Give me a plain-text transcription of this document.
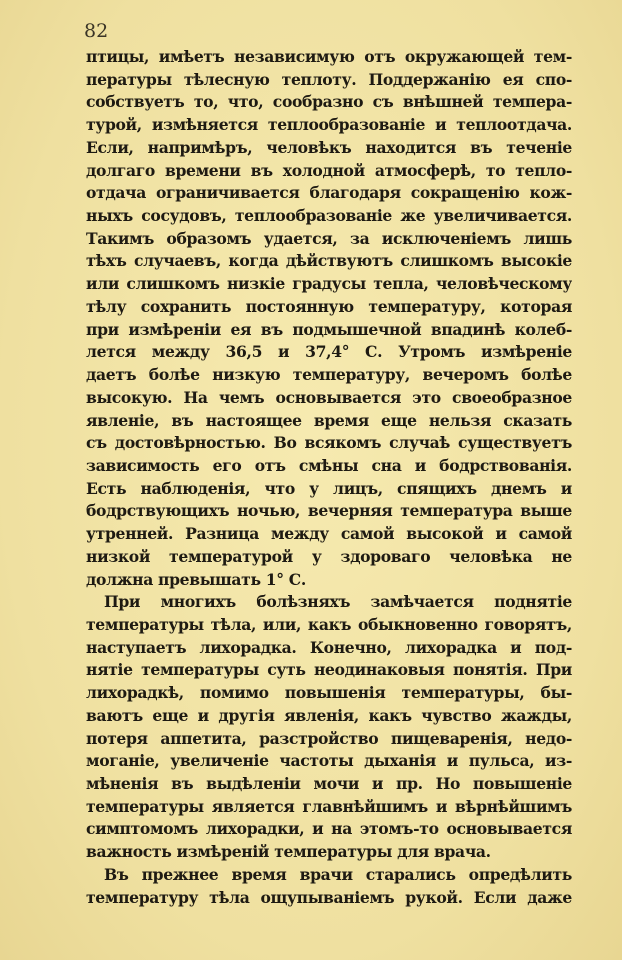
82
птицы, имѣетъ независимую отъ окружающей тем-
пературы тѣлесную теплоту. Поддержанію ея спо-
собствуетъ то, что, сообразно съ внѣшней темпера-
турой, измѣняется теплообразованіе и теплоотдача.
Если, напримѣръ, человѣкъ находится въ теченіе
долгаго времени въ холодной атмосферѣ, то тепло-
отдача ограничивается благодаря сокращенію кож-
ныхъ сосудовъ, теплообразованіе же увеличивается.
Такимъ образомъ удается, за исключеніемъ лишь
тѣхъ случаевъ, когда дѣйствуютъ слишкомъ высокіе
или слишкомъ низкіе градусы тепла, человѣческому
тѣлу сохранить постоянную температуру, которая
при измѣреніи ея въ подмышечной впадинѣ колеб-
лется между 36,5 и 37,4° С. Утромъ измѣреніе
даетъ болѣе низкую температуру, вечеромъ болѣе
высокую. На чемъ основывается это своеобразное
явленіе, въ настоящее время еще нельзя сказать
съ достовѣрностью. Во всякомъ случаѣ существуетъ
зависимость его отъ смѣны сна и бодрствованія.
Есть наблюденія, что у лицъ, спящихъ днемъ и
бодрствующихъ ночью, вечерняя температура выше
утренней. Разница между самой высокой и самой
низкой температурой у здороваго человѣка не
должна превышать 1° С.
При многихъ болѣзняхъ замѣчается поднятіе
температуры тѣла, или, какъ обыкновенно говорятъ,
наступаетъ лихорадка. Конечно, лихорадка и под-
нятіе температуры суть неодинаковыя понятія. При
лихорадкѣ, помимо повышенія температуры, бы-
ваютъ еще и другія явленія, какъ чувство жажды,
потеря аппетита, разстройство пищеваренія, недо-
моганіе, увеличеніе частоты дыханія и пульса, из-
мѣненія въ выдѣленіи мочи и пр. Но повышеніе
температуры является главнѣйшимъ и вѣрнѣйшимъ
симптомомъ лихорадки, и на этомъ-то основывается
важность измѣреній температуры для врача.
Въ прежнее время врачи старались опредѣлить
температуру тѣла ощупываніемъ рукой. Если даже
